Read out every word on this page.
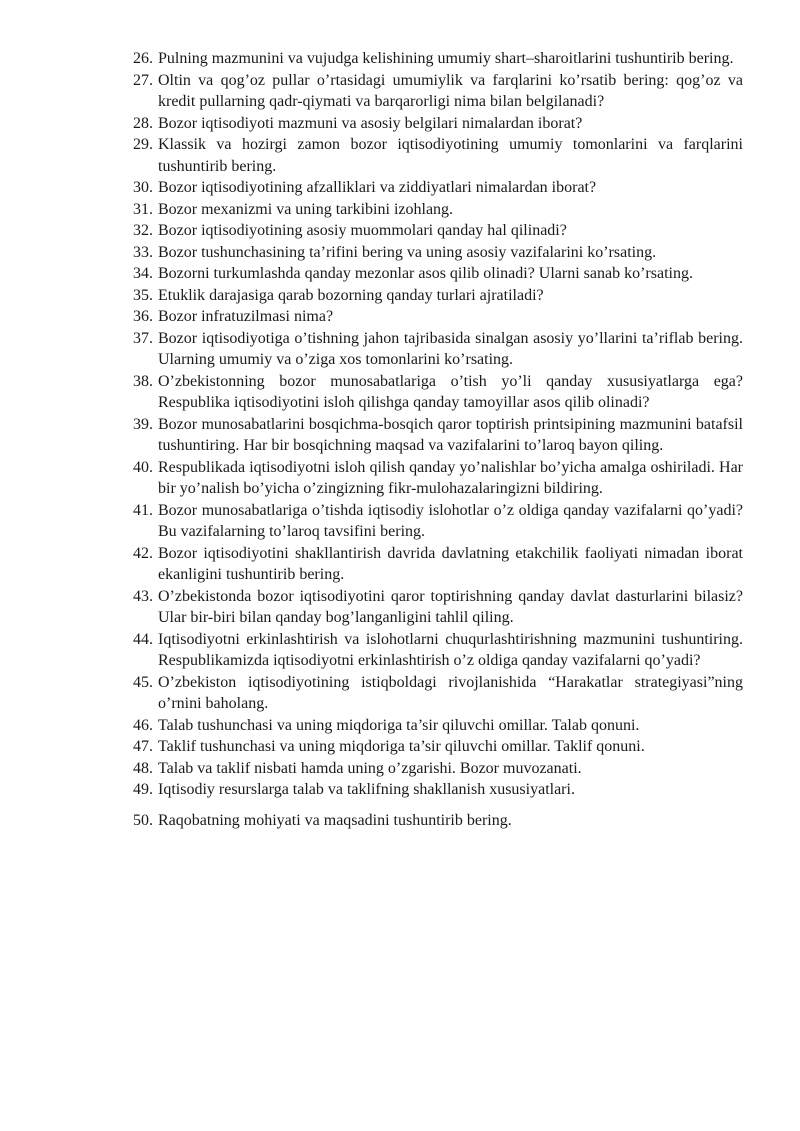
26. Pulning mazmunini va vujudga kelishining umumiy shart–sharoitlarini tushuntirib bering.
27. Oltin va qog’oz pullar o’rtasidagi umumiylik va farqlarini ko’rsatib bering: qog’oz va kredit pullarning qadr-qiymati va barqarorligi nima bilan belgilanadi?
28. Bozor iqtisodiyoti mazmuni va asosiy belgilari nimalardan iborat?
29. Klassik va hozirgi zamon bozor iqtisodiyotining umumiy tomonlarini va farqlarini tushuntirib bering.
30. Bozor iqtisodiyotining afzalliklari va ziddiyatlari nimalardan iborat?
31. Bozor mexanizmi va uning tarkibini izohlang.
32. Bozor iqtisodiyotining asosiy muommolari qanday hal qilinadi?
33. Bozor tushunchasining ta’rifini bering va uning asosiy vazifalarini ko’rsating.
34. Bozorni turkumlashda qanday mezonlar asos qilib olinadi? Ularni sanab ko’rsating.
35. Etuklik darajasiga qarab bozorning qanday turlari ajratiladi?
36. Bozor infratuzilmasi nima?
37. Bozor iqtisodiyotiga o’tishning jahon tajribasida sinalgan asosiy yo’llarini ta’riflab bering. Ularning umumiy va o’ziga xos tomonlarini ko’rsating.
38. O’zbekistonning bozor munosabatlariga o’tish yo’li qanday xususiyatlarga ega? Respublika iqtisodiyotini isloh qilishga qanday tamoyillar asos qilib olinadi?
39. Bozor munosabatlarini bosqichma-bosqich qaror toptirish printsipining mazmunini batafsil tushuntiring. Har bir bosqichning maqsad va vazifalarini to’laroq bayon qiling.
40. Respublikada iqtisodiyotni isloh qilish qanday yo’nalishlar bo’yicha amalga oshiriladi. Har bir yo’nalish bo’yicha o’zingizning fikr-mulohazalaringizni bildiring.
41. Bozor munosabatlariga o’tishda iqtisodiy islohotlar o’z oldiga qanday vazifalarni qo’yadi? Bu vazifalarning to’laroq tavsifini bering.
42. Bozor iqtisodiyotini shakllantirish davrida davlatning etakchilik faoliyati nimadan iborat ekanligini tushuntirib bering.
43. O’zbekistonda bozor iqtisodiyotini qaror toptirishning qanday davlat dasturlarini bilasiz? Ular bir-biri bilan qanday bog’langanligini tahlil qiling.
44. Iqtisodiyotni erkinlashtirish va islohotlarni chuqurlashtirishning mazmunini tushuntiring. Respublikamizda iqtisodiyotni erkinlashtirish o’z oldiga qanday vazifalarni qo’yadi?
45. O’zbekiston iqtisodiyotining istiqboldagi rivojlanishida “Harakatlar strategiyasi”ning o’rnini baholang.
46. Talab tushunchasi va uning miqdoriga ta’sir qiluvchi omillar. Talab qonuni.
47. Taklif tushunchasi va uning miqdoriga ta’sir qiluvchi omillar. Taklif qonuni.
48. Talab va taklif nisbati hamda uning o’zgarishi. Bozor muvozanati.
49. Iqtisodiy resurslarga talab va taklifning shakllanish xususiyatlari.
50. Raqobatning mohiyati va maqsadini tushuntirib bering.
